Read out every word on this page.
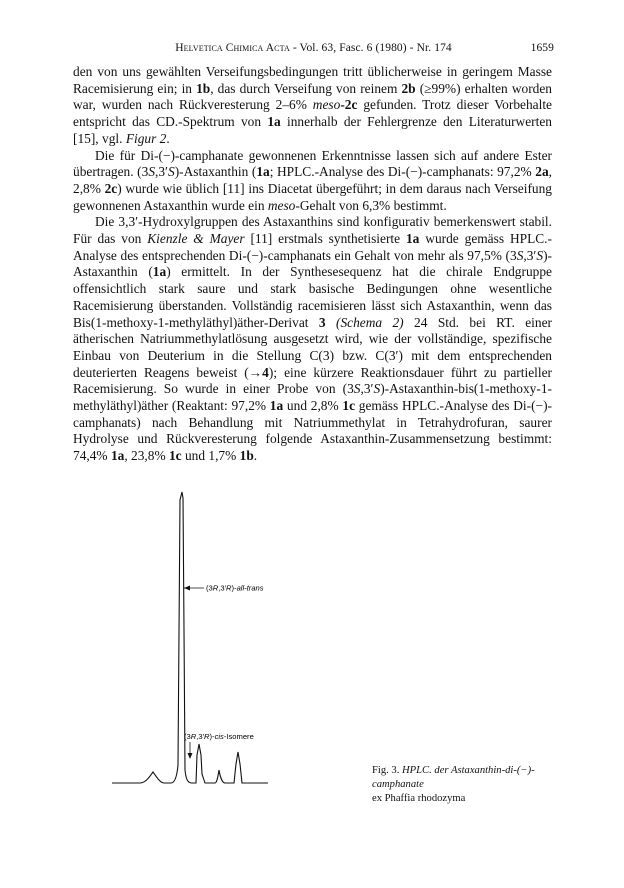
Helvetica Chimica Acta - Vol. 63, Fasc. 6 (1980) - Nr. 174	1659

den von uns gewählten Verseifungsbedingungen tritt üblicherweise in geringem Masse Racemisierung ein; in 1b, das durch Verseifung von reinem 2b (≥99%) erhalten worden war, wurden nach Rückveresterung 2–6% meso-2c gefunden. Trotz dieser Vorbehalte entspricht das CD.-Spektrum von 1a innerhalb der Fehlergrenze den Literaturwerten [15], vgl. Figur 2.

Die für Di-(−)-camphanate gewonnenen Erkenntnisse lassen sich auf andere Ester übertragen. (3S,3′S)-Astaxanthin (1a; HPLC.-Analyse des Di-(−)-camphanats: 97,2% 2a, 2,8% 2c) wurde wie üblich [11] ins Diacetat übergeführt; in dem daraus nach Verseifung gewonnenen Astaxanthin wurde ein meso-Gehalt von 6,3% bestimmt.

Die 3,3′-Hydroxylgruppen des Astaxanthins sind konfigurativ bemerkenswert stabil. Für das von Kienzle & Mayer [11] erstmals synthetisierte 1a wurde gemäss HPLC.-Analyse des entsprechenden Di-(−)-camphanats ein Gehalt von mehr als 97,5% (3S,3′S)-Astaxanthin (1a) ermittelt. In der Synthesesequenz hat die chirale Endgruppe offensichtlich stark saure und stark basische Bedingungen ohne wesentliche Racemisierung überstanden. Vollständig racemisieren lässt sich Astaxanthin, wenn das Bis(1-methoxy-1-methyläthyl)äther-Derivat 3 (Schema 2) 24 Std. bei RT. einer ätherischen Natriummethylatlösung ausgesetzt wird, wie der vollständige, spezifische Einbau von Deuterium in die Stellung C(3) bzw. C(3′) mit dem entsprechenden deuterierten Reagens beweist (→4); eine kürzere Reaktionsdauer führt zu partieller Racemisierung. So wurde in einer Probe von (3S,3′S)-Astaxanthin-bis(1-methoxy-1-methyläthyl)äther (Reaktant: 97,2% 1a und 2,8% 1c gemäss HPLC.-Analyse des Di-(−)-camphanats) nach Behandlung mit Natriummethylat in Tetrahydrofuran, saurer Hydrolyse und Rückveresterung folgende Astaxanthin-Zusammensetzung bestimmt: 74,4% 1a, 23,8% 1c und 1,7% 1b.

(3R,3′R)-all-trans
(3R,3′R)-cis-Isomere
Fig. 3. HPLC. der Astaxanthin-di-(−)-camphanate
ex Phaffia rhodozyma
